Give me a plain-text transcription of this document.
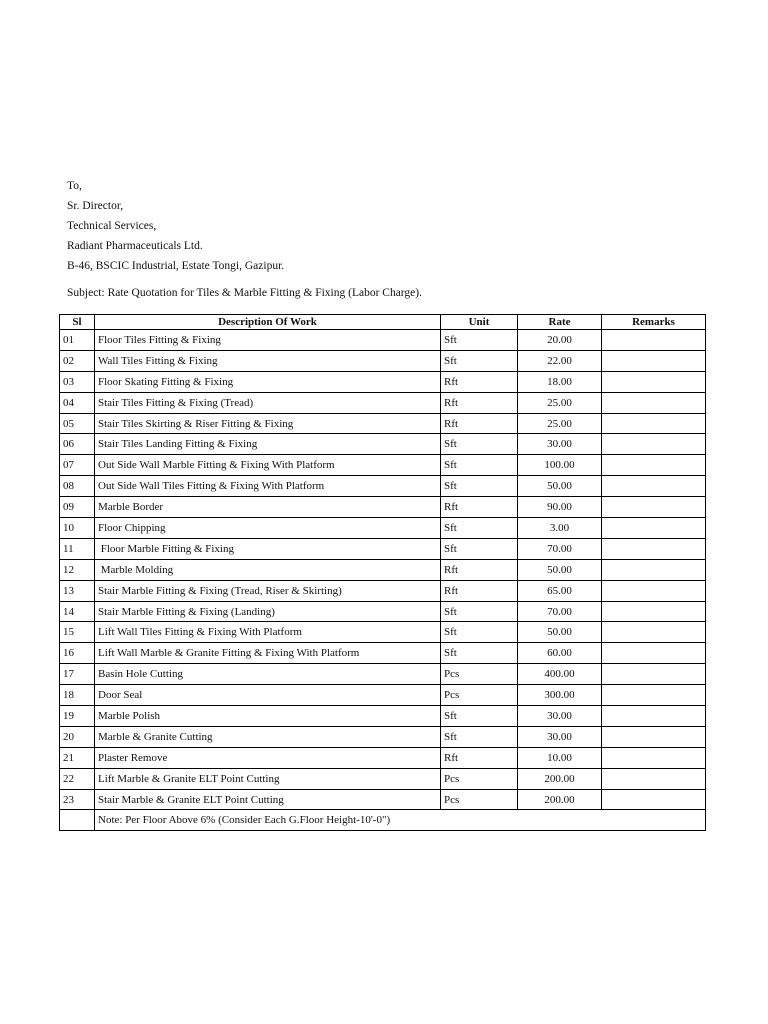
To,
Sr. Director,
Technical Services,
Radiant Pharmaceuticals Ltd.
B-46, BSCIC Industrial, Estate Tongi, Gazipur.
Subject: Rate Quotation for Tiles & Marble Fitting & Fixing (Labor Charge).
Sl	Description Of Work	Unit	Rate	Remarks
01	Floor Tiles Fitting & Fixing	Sft	20.00	
02	Wall Tiles Fitting & Fixing	Sft	22.00	
03	Floor Skating Fitting & Fixing	Rft	18.00	
04	Stair Tiles Fitting & Fixing (Tread)	Rft	25.00	
05	Stair Tiles Skirting & Riser Fitting & Fixing	Rft	25.00	
06	Stair Tiles Landing Fitting & Fixing	Sft	30.00	
07	Out Side Wall Marble Fitting & Fixing With Platform	Sft	100.00	
08	Out Side Wall Tiles Fitting & Fixing With Platform	Sft	50.00	
09	Marble Border	Rft	90.00	
10	Floor Chipping	Sft	3.00	
11	Floor Marble Fitting & Fixing	Sft	70.00	
12	Marble Molding	Rft	50.00	
13	Stair Marble Fitting & Fixing (Tread, Riser & Skirting)	Rft	65.00	
14	Stair Marble Fitting & Fixing (Landing)	Sft	70.00	
15	Lift Wall Tiles Fitting & Fixing With Platform	Sft	50.00	
16	Lift Wall Marble & Granite Fitting & Fixing With Platform	Sft	60.00	
17	Basin Hole Cutting	Pcs	400.00	
18	Door Seal	Pcs	300.00	
19	Marble Polish	Sft	30.00	
20	Marble & Granite Cutting	Sft	30.00	
21	Plaster Remove	Rft	10.00	
22	Lift Marble & Granite ELT Point Cutting	Pcs	200.00	
23	Stair Marble & Granite ELT Point Cutting	Pcs	200.00	
	Note: Per Floor Above 6% (Consider Each G.Floor Height-10'-0")			
